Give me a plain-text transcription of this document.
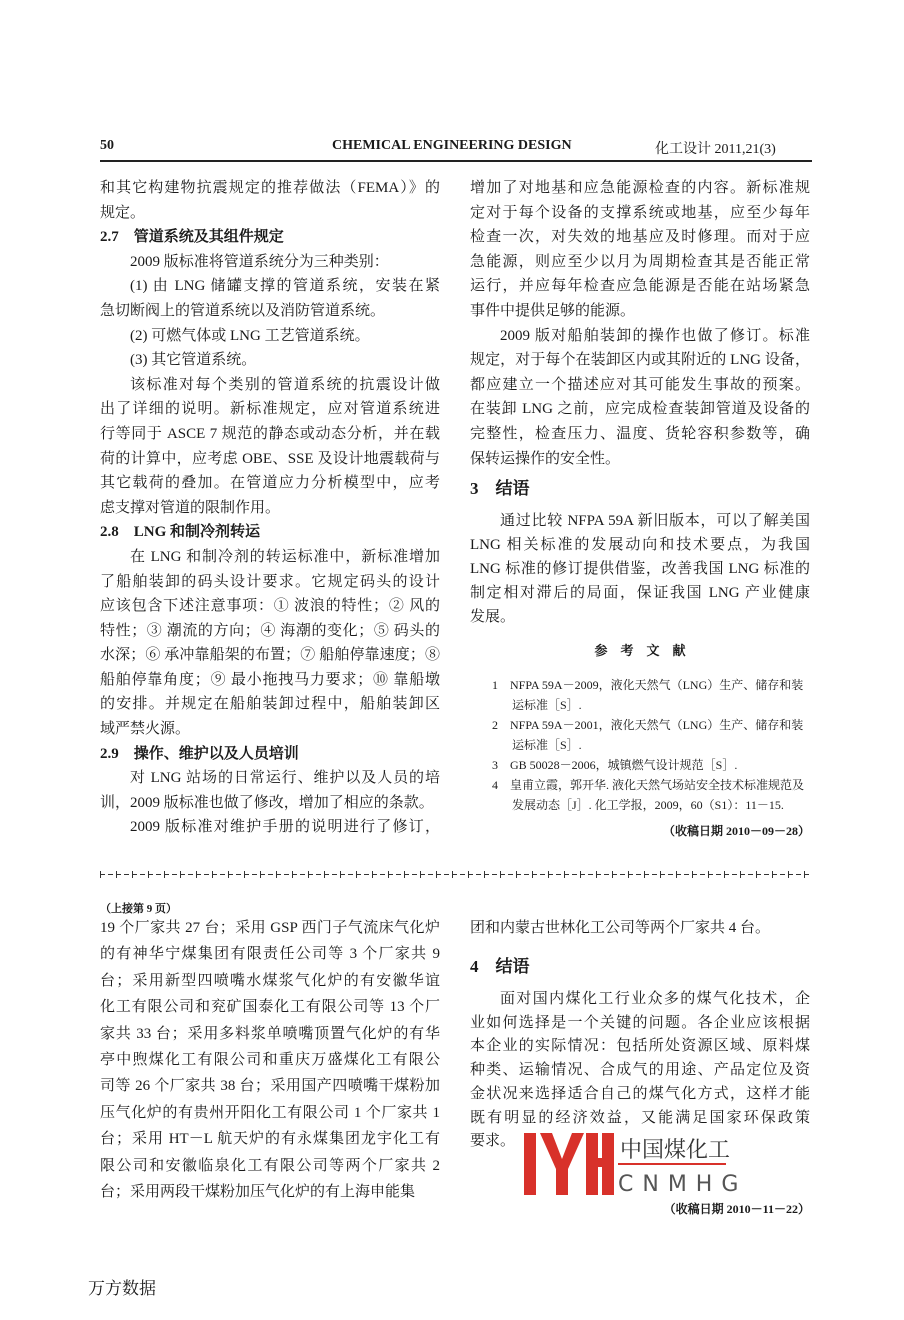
50	CHEMICAL ENGINEERING DESIGN	化工设计 2011,21(3)
和其它构建物抗震规定的推荐做法（FEMA）》的
规定。
2.7　管道系统及其组件规定
2009 版标准将管道系统分为三种类别：
(1) 由 LNG 储罐支撑的管道系统，安装在紧
急切断阀上的管道系统以及消防管道系统。
(2) 可燃气体或 LNG 工艺管道系统。
(3) 其它管道系统。
该标准对每个类别的管道系统的抗震设计做
出了详细的说明。新标准规定，应对管道系统进
行等同于 ASCE 7 规范的静态或动态分析，并在载
荷的计算中，应考虑 OBE、SSE 及设计地震载荷与
其它载荷的叠加。在管道应力分析模型中，应考
虑支撑对管道的限制作用。
2.8　LNG 和制冷剂转运
在 LNG 和制冷剂的转运标准中，新标准增加
了船舶装卸的码头设计要求。它规定码头的设计
应该包含下述注意事项：① 波浪的特性；② 风的
特性；③ 潮流的方向；④ 海潮的变化；⑤ 码头的
水深；⑥ 承冲靠船架的布置；⑦ 船舶停靠速度；⑧
船舶停靠角度；⑨ 最小拖拽马力要求；⑩ 靠船墩
的安排。并规定在船舶装卸过程中，船舶装卸区
域严禁火源。
2.9　操作、维护以及人员培训
对 LNG 站场的日常运行、维护以及人员的培
训，2009 版标准也做了修改，增加了相应的条款。
2009 版标准对维护手册的说明进行了修订，
增加了对地基和应急能源检查的内容。新标准规
定对于每个设备的支撑系统或地基，应至少每年
检查一次，对失效的地基应及时修理。而对于应
急能源，则应至少以月为周期检查其是否能正常
运行，并应每年检查应急能源是否能在站场紧急
事件中提供足够的能源。
2009 版对船舶装卸的操作也做了修订。标准
规定，对于每个在装卸区内或其附近的 LNG 设备，
都应建立一个描述应对其可能发生事故的预案。
在装卸 LNG 之前，应完成检查装卸管道及设备的
完整性，检查压力、温度、货轮容积参数等，确
保转运操作的安全性。
3　结语
通过比较 NFPA 59A 新旧版本，可以了解美国
LNG 相关标准的发展动向和技术要点，为我国
LNG 标准的修订提供借鉴，改善我国 LNG 标准的
制定相对滞后的局面，保证我国 LNG 产业健康
发展。
参　考　文　献
1　NFPA 59A－2009，液化天然气（LNG）生产、储存和装运标准［S］.
2　NFPA 59A－2001，液化天然气（LNG）生产、储存和装运标准［S］.
3　GB 50028－2006，城镇燃气设计规范［S］.
4　皇甫立霞，郭开华. 液化天然气场站安全技术标准规范及发展动态［J］. 化工学报，2009，60（S1）：11－15.
（收稿日期 2010－09－28）
（上接第 9 页）
19 个厂家共 27 台；采用 GSP 西门子气流床气化炉
的有神华宁煤集团有限责任公司等 3 个厂家共 9
台；采用新型四喷嘴水煤浆气化炉的有安徽华谊
化工有限公司和兖矿国泰化工有限公司等 13 个厂
家共 33 台；采用多料浆单喷嘴顶置气化炉的有华
亭中煦煤化工有限公司和重庆万盛煤化工有限公
司等 26 个厂家共 38 台；采用国产四喷嘴干煤粉加
压气化炉的有贵州开阳化工有限公司 1 个厂家共 1
台；采用 HT－L 航天炉的有永煤集团龙宇化工有
限公司和安徽临泉化工有限公司等两个厂家共 2
台；采用两段干煤粉加压气化炉的有上海申能集
团和内蒙古世林化工公司等两个厂家共 4 台。
4　结语
面对国内煤化工行业众多的煤气化技术，企
业如何选择是一个关键的问题。各企业应该根据
本企业的实际情况：包括所处资源区域、原料煤
种类、运输情况、合成气的用途、产品定位及资
金状况来选择适合自己的煤气化方式，这样才能
既有明显的经济效益，又能满足国家环保政策
要求。	中国煤化工
CNMHG
（收稿日期 2010－11－22）
万方数据
